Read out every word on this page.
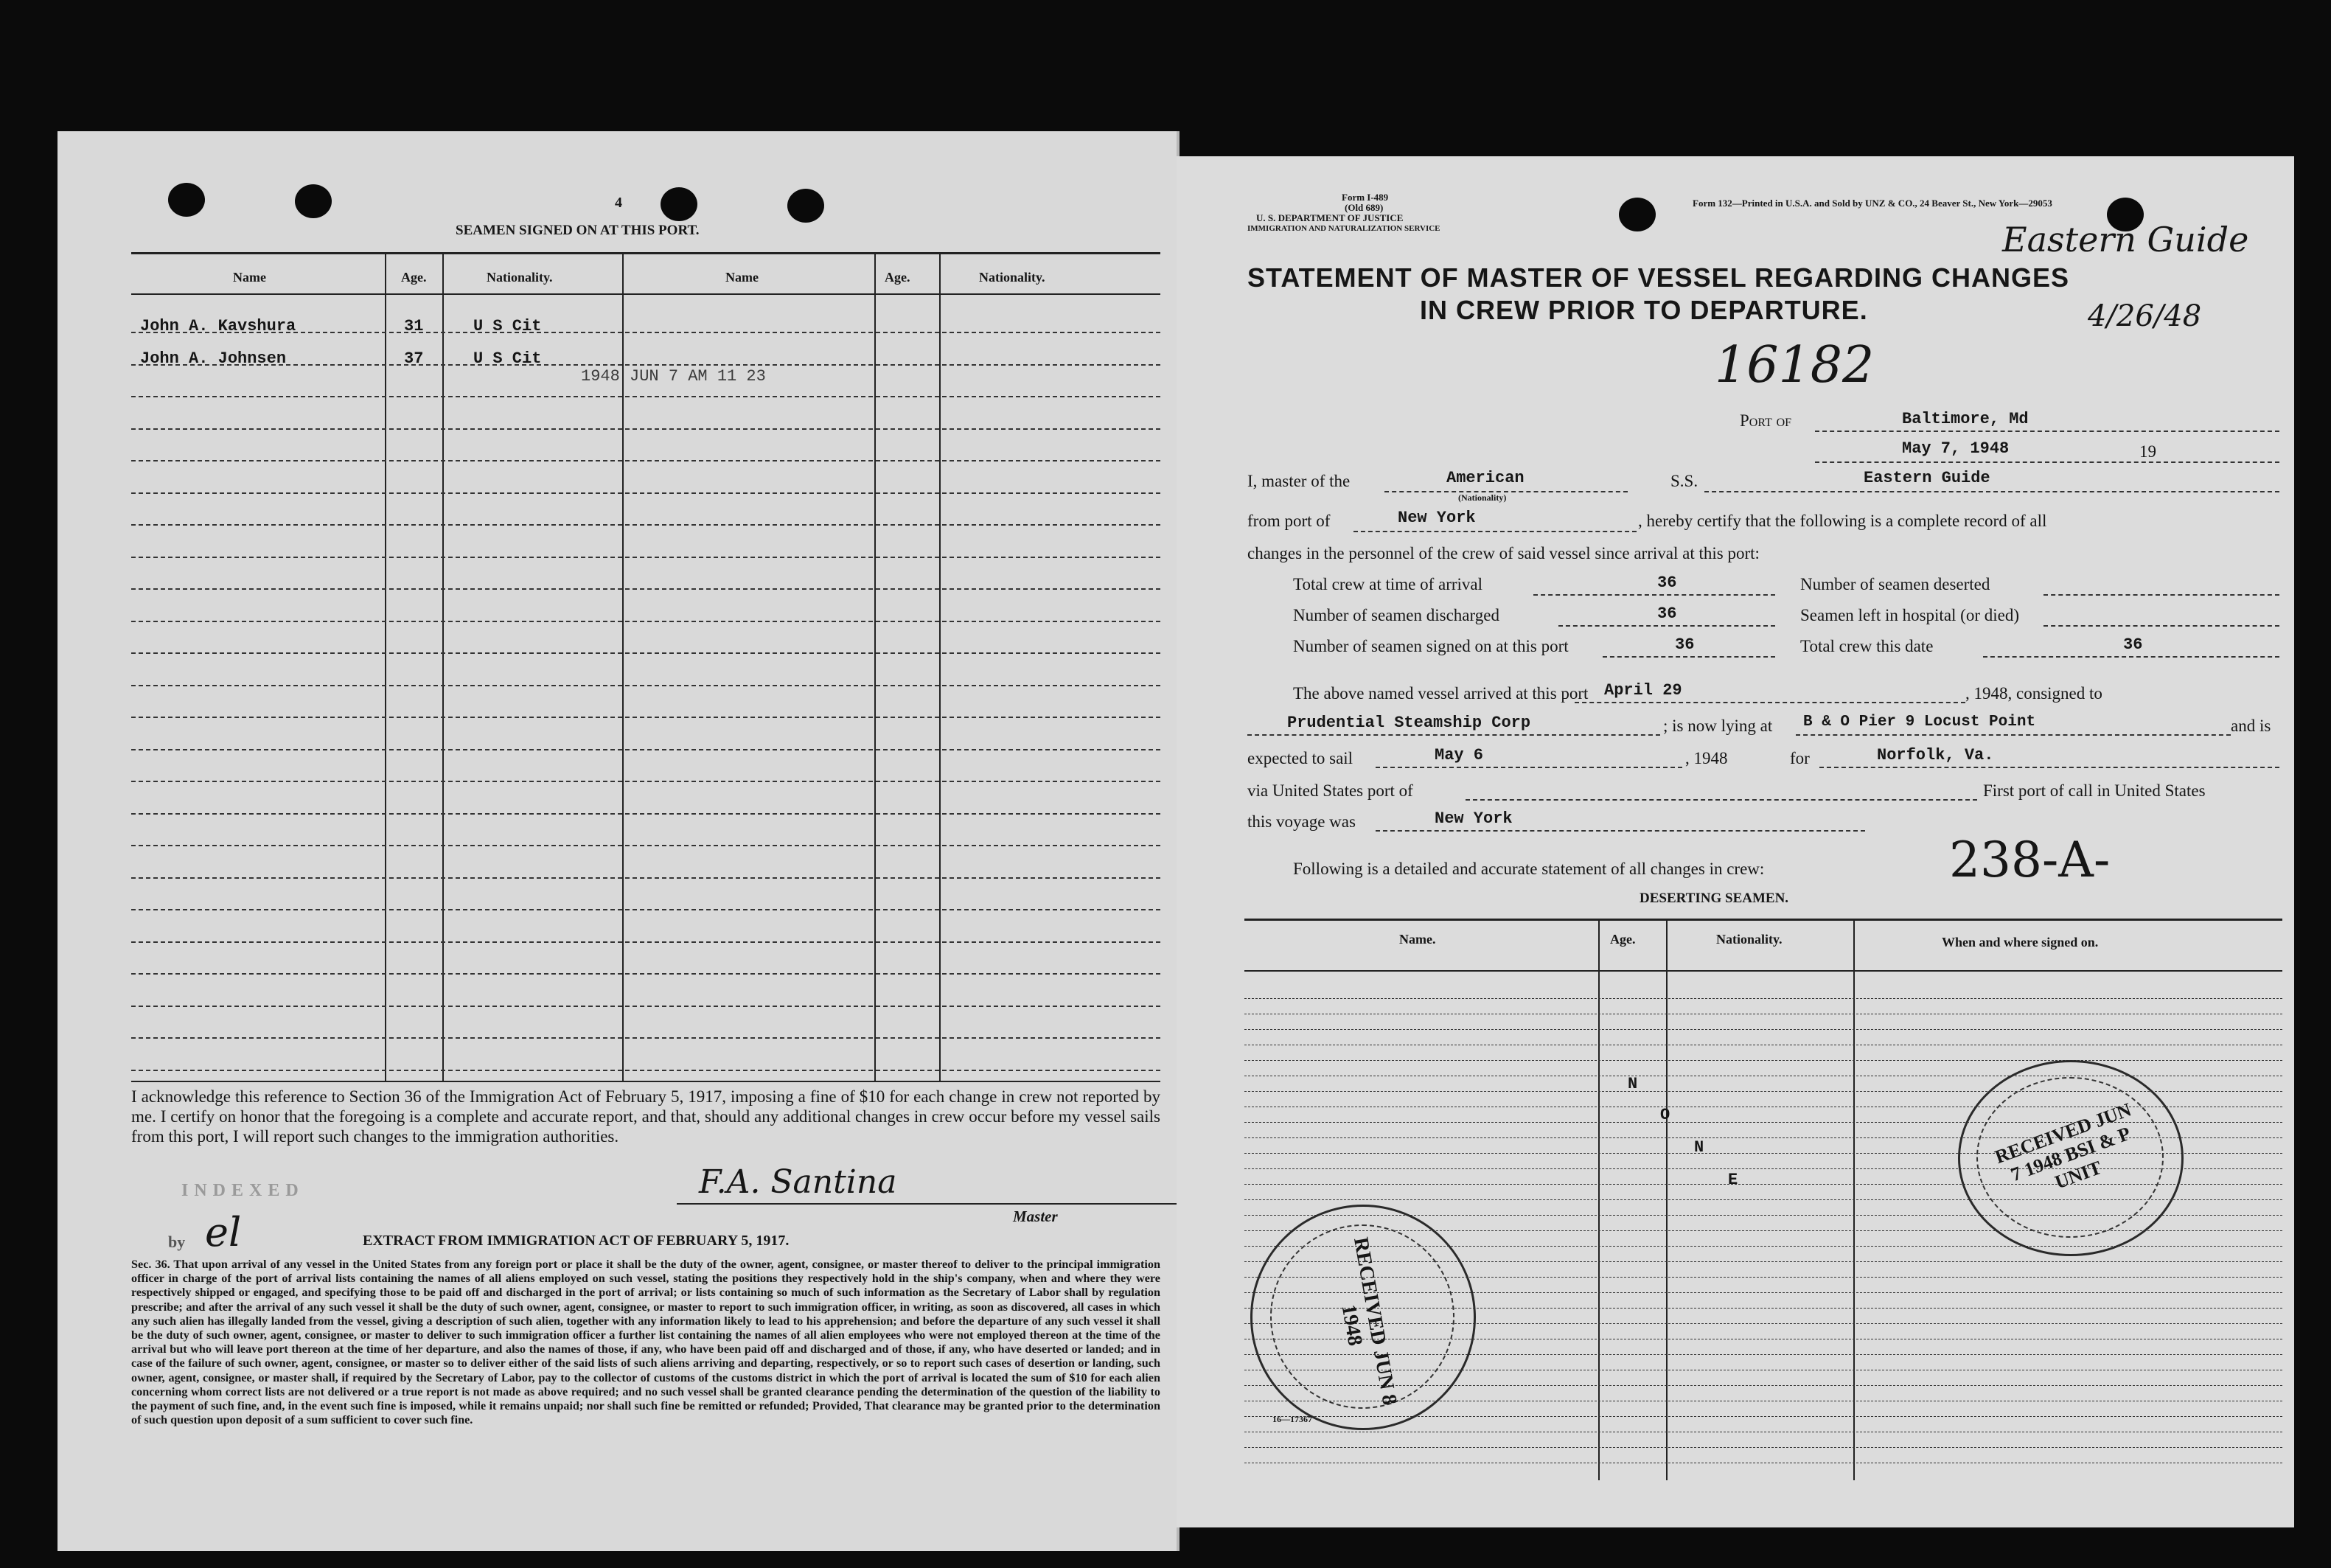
4
SEAMEN SIGNED ON AT THIS PORT.
Name	Age.	Nationality.	Name	Age.	Nationality.
John A. Kavshura	31	U S Cit
John A. Johnsen	37	U S Cit
1948 JUN 7 AM 11 23
I acknowledge this reference to Section 36 of the Immigration Act of February 5, 1917, imposing a fine of $10 for each change in crew not reported by me. I certify on honor that the foregoing is a complete and accurate report, and that, should any additional changes in crew occur before my vessel sails from this port, I will report such changes to the immigration authorities.
F.A. Santina
Master
INDEXED
by el	EXTRACT FROM IMMIGRATION ACT OF FEBRUARY 5, 1917.
Sec. 36. That upon arrival of any vessel in the United States from any foreign port or place it shall be the duty of the owner, agent, consignee, or master thereof to deliver to the principal immigration officer in charge of the port of arrival lists containing the names of all aliens employed on such vessel, stating the positions they respectively hold in the ship's company, when and where they were respectively shipped or engaged, and specifying those to be paid off and discharged in the port of arrival; or lists containing so much of such information as the Secretary of Labor shall by regulation prescribe; and after the arrival of any such vessel it shall be the duty of such owner, agent, consignee, or master to report to such immigration officer, in writing, as soon as discovered, all cases in which any such alien has illegally landed from the vessel, giving a description of such alien, together with any information likely to lead to his apprehension; and before the departure of any such vessel it shall be the duty of such owner, agent, consignee, or master to deliver to such immigration officer a further list containing the names of all alien employees who were not employed thereon at the time of the arrival but who will leave port thereon at the time of her departure, and also the names of those, if any, who have been paid off and discharged and of those, if any, who have deserted or landed; and in case of the failure of such owner, agent, consignee, or master so to deliver either of the said lists of such aliens arriving and departing, respectively, or so to report such cases of desertion or landing, such owner, agent, consignee, or master shall, if required by the Secretary of Labor, pay to the collector of customs of the customs district in which the port of arrival is located the sum of $10 for each alien concerning whom correct lists are not delivered or a true report is not made as above required; and no such vessel shall be granted clearance pending the determination of the question of the liability to the payment of such fine, and, in the event such fine is imposed, while it remains unpaid; nor shall such fine be remitted or refunded; Provided, That clearance may be granted prior to the determination of such question upon deposit of a sum sufficient to cover such fine.
Form I-489
(Old 689)
U. S. DEPARTMENT OF JUSTICE
IMMIGRATION AND NATURALIZATION SERVICE
Form 132—Printed in U.S.A. and Sold by UNZ & CO., 24 Beaver St., New York—29053
Eastern Guide
4/26/48
STATEMENT OF MASTER OF VESSEL REGARDING CHANGES
IN CREW PRIOR TO DEPARTURE.
16182
Port of	Baltimore, Md
May 7, 1948	19
I, master of the	American
(Nationality)
S.S.	Eastern Guide
from port of	New York	, hereby certify that the following is a complete record of all
changes in the personnel of the crew of said vessel since arrival at this port:
Total crew at time of arrival	36	Number of seamen deserted
Number of seamen discharged	36	Seamen left in hospital (or died)
Number of seamen signed on at this port	36	Total crew this date	36
The above named vessel arrived at this port April 29	, 1948, consigned to
Prudential Steamship Corp	; is now lying at B & O Pier 9 Locust Point	and is
expected to sail	May 6	, 1948	for	Norfolk, Va.
via United States port of	First port of call in United States
this voyage was	New York
Following is a detailed and accurate statement of all changes in crew:	238-A-
DESERTING SEAMEN.
Name.	Age.	Nationality.	When and where signed on.
N
O
N
E
RECEIVED JUN 7 1948 BSI & P UNIT
RECEIVED JUN 8 1948
16—17367
